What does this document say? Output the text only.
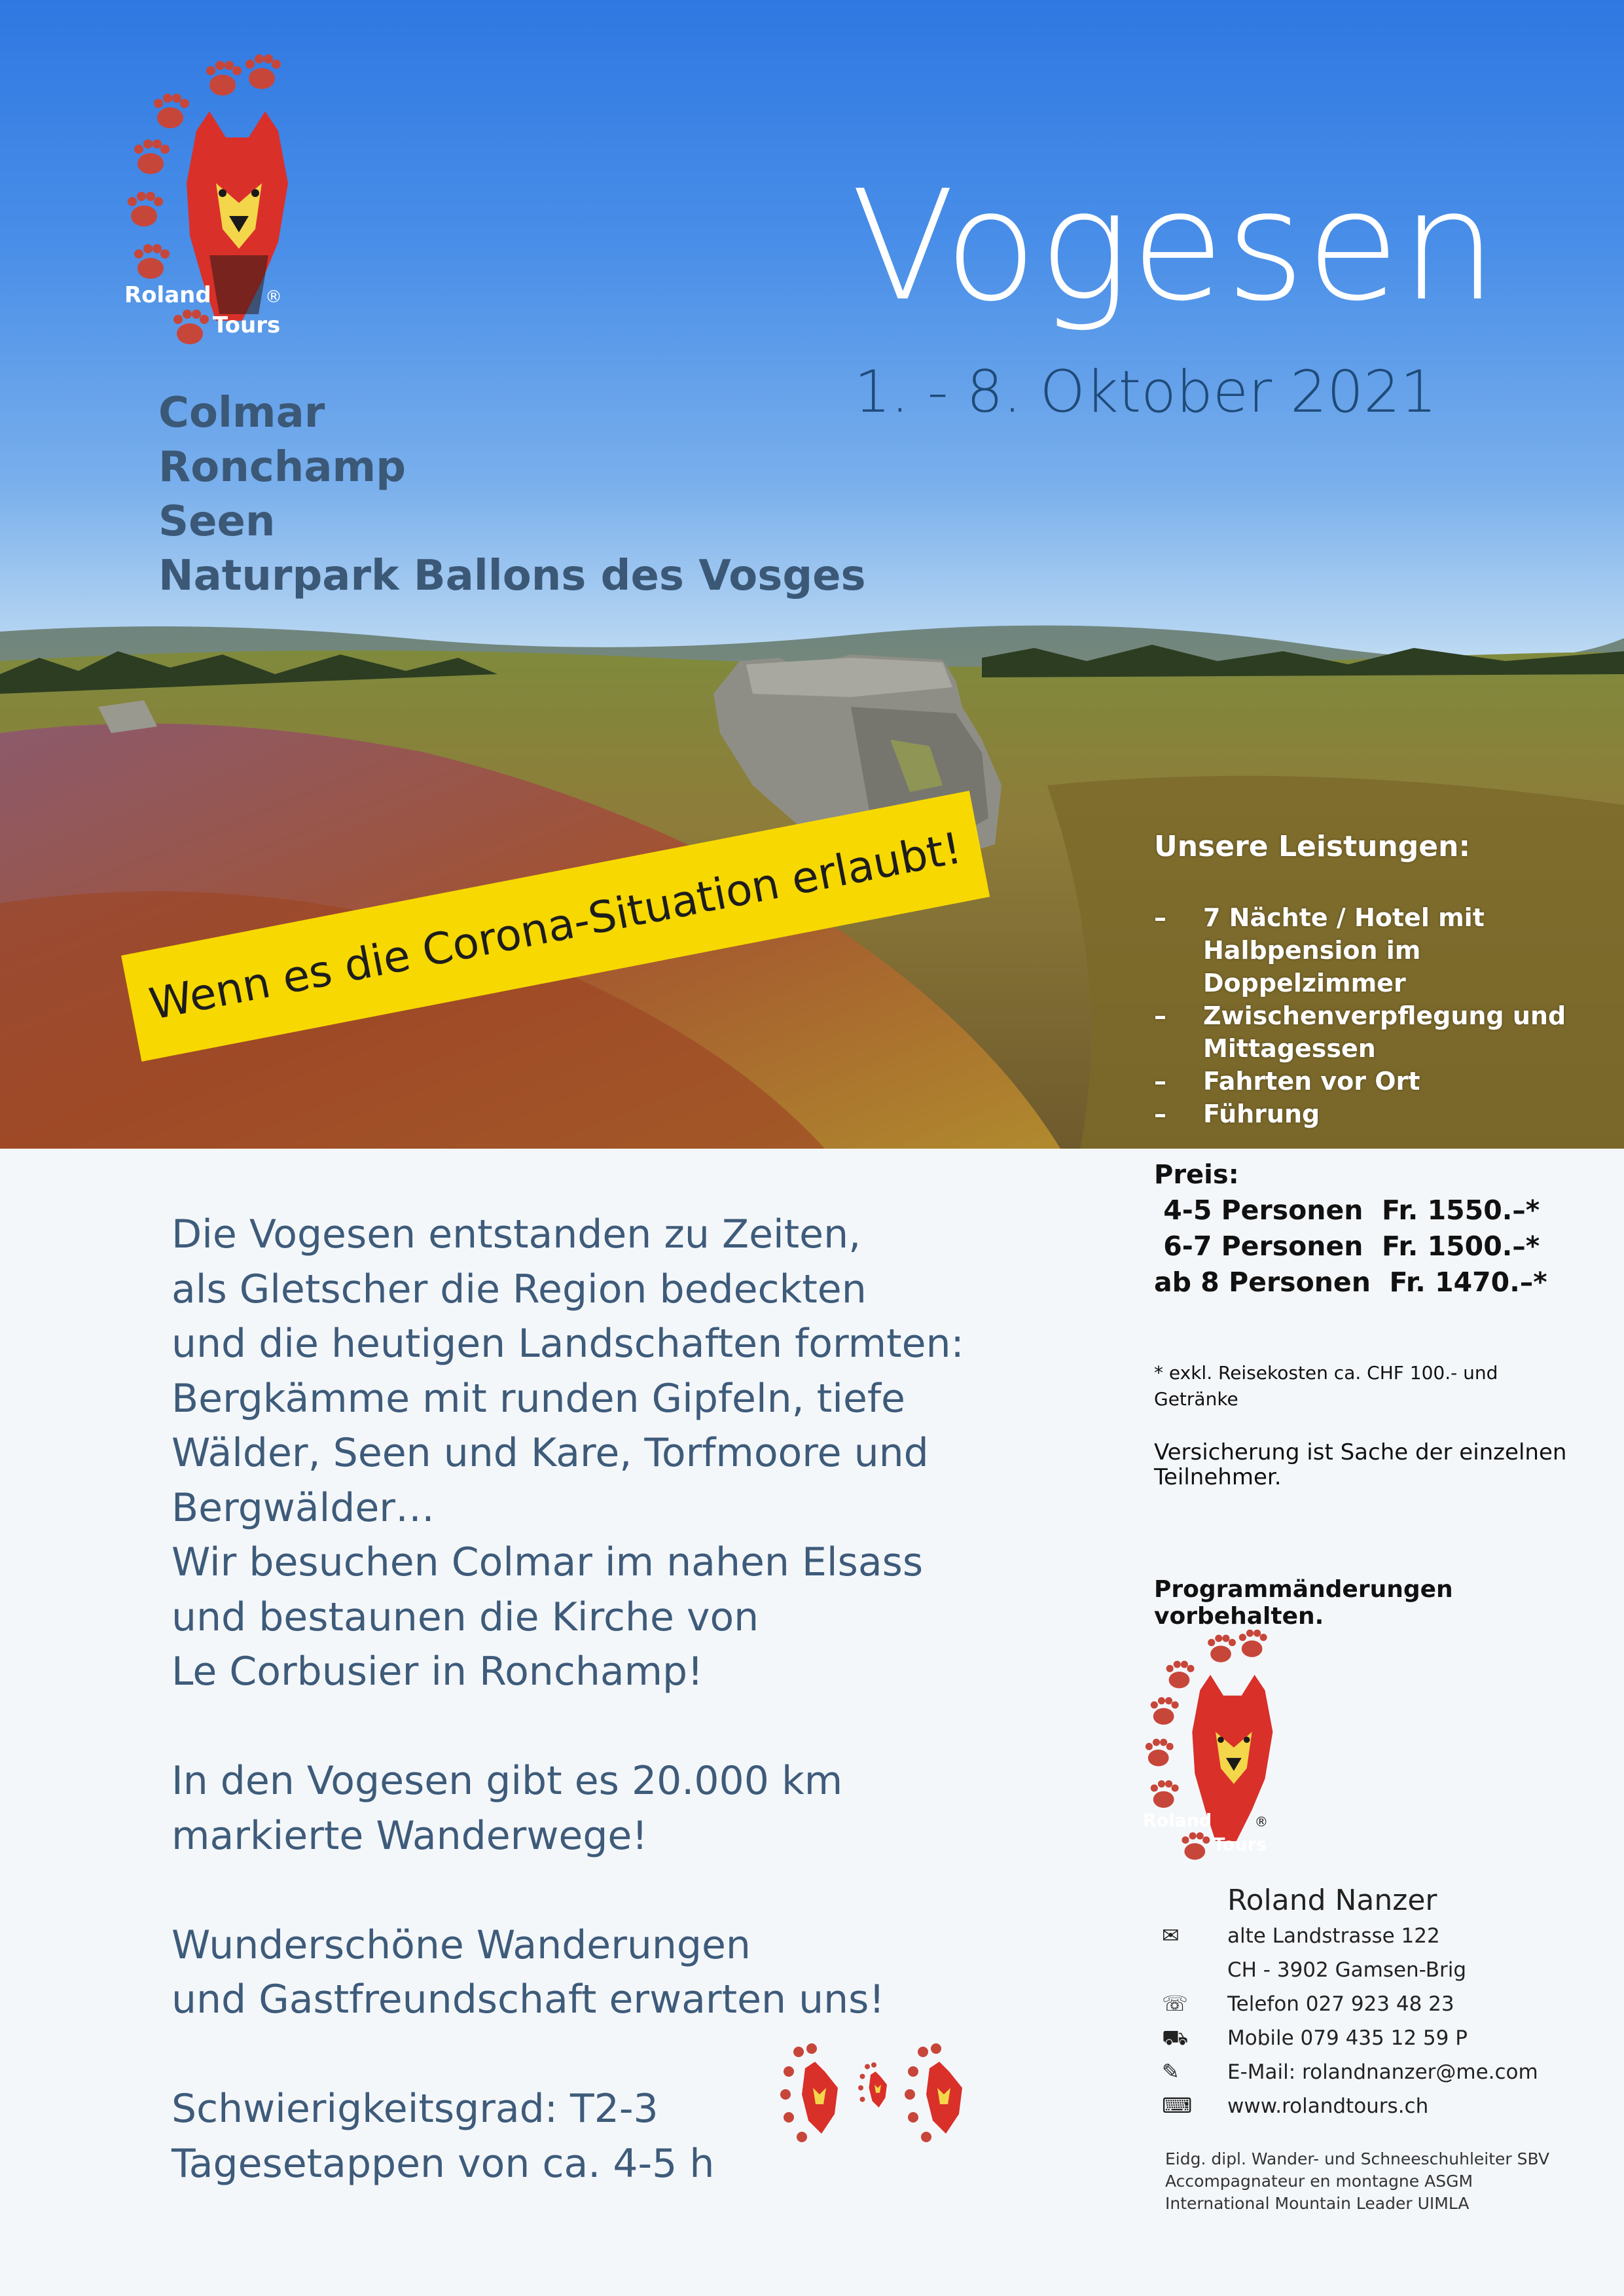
Roland	®
Tours	Vogesen
1. - 8. Oktober 2021
Colmar
Ronchamp
Seen
Naturpark Ballons des Vosges
Wenn es die Corona-Situation erlaubt!	Unsere Leistungen:
– 7 Nächte / Hotel mit Halbpension im Doppelzimmer
– Zwischenverpflegung und Mittagessen
– Fahrten vor Ort
– Führung
Die Vogesen entstanden zu Zeiten,
als Gletscher die Region bedeckten
und die heutigen Landschaften formten:
Bergkämme mit runden Gipfeln, tiefe
Wälder, Seen und Kare, Torfmoore und
Bergwälder…
Wir besuchen Colmar im nahen Elsass
und bestaunen die Kirche von
Le Corbusier in Ronchamp!
In den Vogesen gibt es 20.000 km
markierte Wanderwege!
Wunderschöne Wanderungen
und Gastfreundschaft erwarten uns!
Schwierigkeitsgrad: T2-3
Tagesetappen von ca. 4-5 h
Preis:
4-5 Personen  Fr. 1550.–*
6-7 Personen  Fr. 1500.–*
ab 8 Personen  Fr. 1470.–*
* exkl. Reisekosten ca. CHF 100.- und Getränke
Versicherung ist Sache der einzelnen Teilnehmer.
Programmänderungen vorbehalten.
Roland	®
Tours
Roland Nanzer
✉ alte Landstrasse 122
CH - 3902 Gamsen-Brig
☏ Telefon 027 923 48 23
⛟ Mobile 079 435 12 59 P
✎ E-Mail: rolandnanzer@me.com
⌨ www.rolandtours.ch
Eidg. dipl. Wander- und Schneeschuhleiter SBV
Accompagnateur en montagne ASGM
International Mountain Leader UIMLA
